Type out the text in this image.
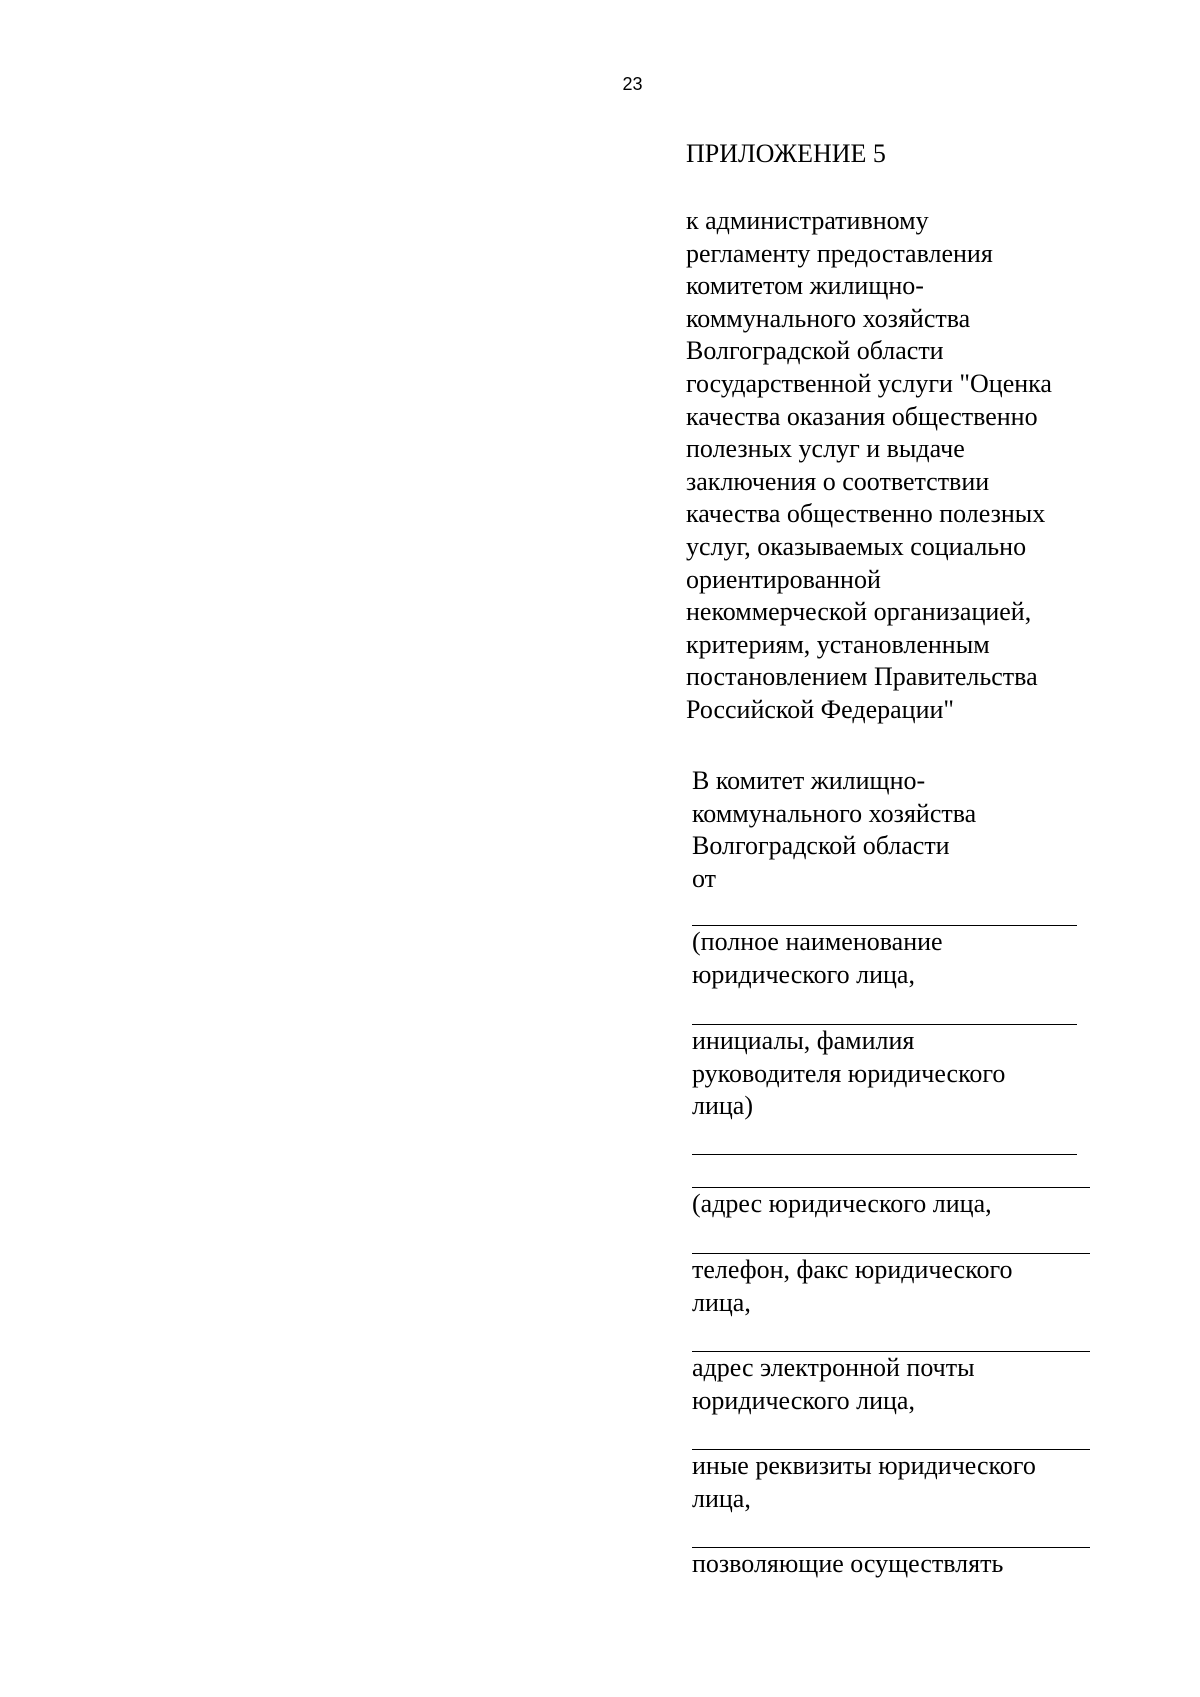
23
ПРИЛОЖЕНИЕ 5

к административному
регламенту предоставления
комитетом жилищно-
коммунального хозяйства
Волгоградской области
государственной услуги "Оценка
качества оказания общественно
полезных услуг и выдаче
заключения о соответствии
качества общественно полезных
услуг, оказываемых социально
ориентированной
некоммерческой организацией,
критериям, установленным
постановлением Правительства
Российской Федерации"

В комитет жилищно-
коммунального хозяйства
Волгоградской области

от

(полное наименование
юридического лица,

инициалы, фамилия
руководителя юридического
лица)

(адрес юридического лица,

телефон, факс юридического
лица,

адрес электронной почты
юридического лица,

иные реквизиты юридического
лица,

позволяющие осуществлять
